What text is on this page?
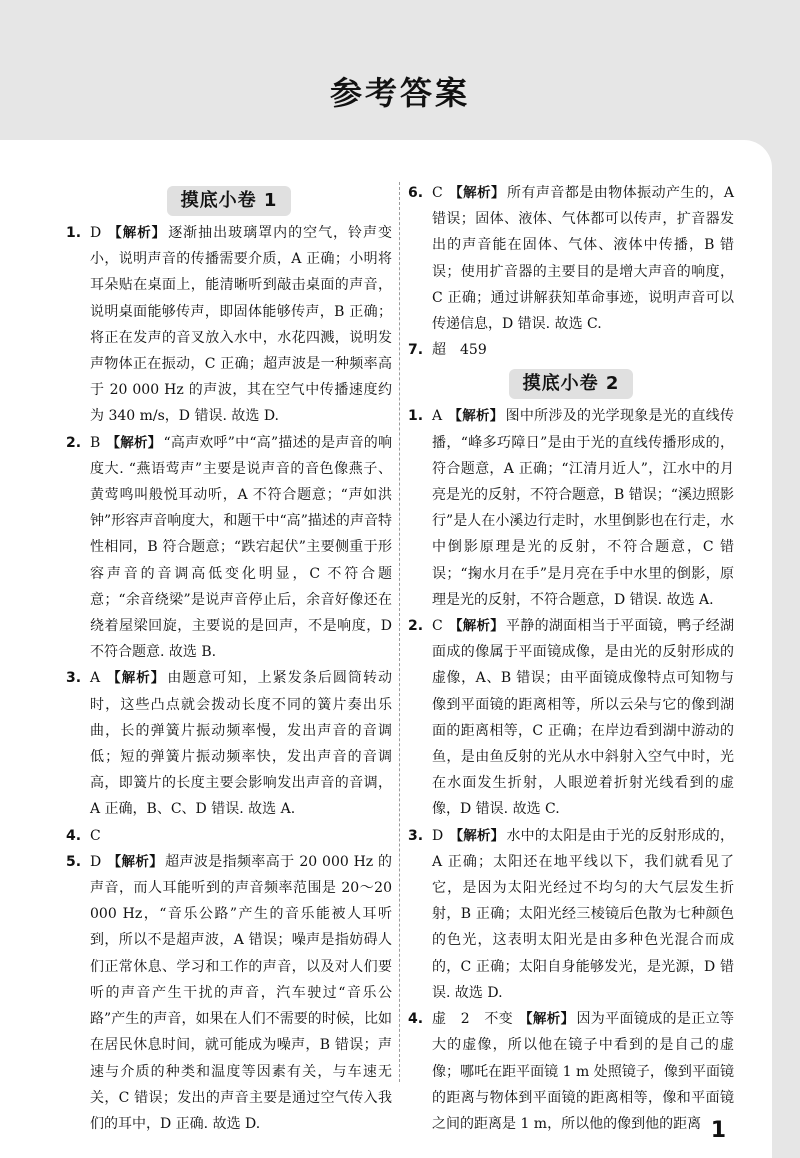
参考答案
摸底小卷 1

1. D 【解析】 逐渐抽出玻璃罩内的空气，铃声变小，说明声音的传播需要介质，A 正确；小明将耳朵贴在桌面上，能清晰听到敲击桌面的声音，说明桌面能够传声，即固体能够传声，B 正确；将正在发声的音叉放入水中，水花四溅，说明发声物体正在振动，C 正确；超声波是一种频率高于 20 000 Hz 的声波，其在空气中传播速度约为 340 m/s，D 错误. 故选 D.

2. B 【解析】 “高声欢呼”中“高”描述的是声音的响度大. “燕语莺声”主要是说声音的音色像燕子、黄莺鸣叫般悦耳动听，A 不符合题意；“声如洪钟”形容声音响度大，和题干中“高”描述的声音特性相同，B 符合题意；“跌宕起伏”主要侧重于形容声音的音调高低变化明显，C 不符合题意；“余音绕梁”是说声音停止后，余音好像还在绕着屋梁回旋，主要说的是回声，不是响度，D 不符合题意. 故选 B.

3. A 【解析】 由题意可知，上紧发条后圆筒转动时，这些凸点就会拨动长度不同的簧片奏出乐曲，长的弹簧片振动频率慢，发出声音的音调低；短的弹簧片振动频率快，发出声音的音调高，即簧片的长度主要会影响发出声音的音调，A 正确，B、C、D 错误. 故选 A.

4. C

5. D 【解析】 超声波是指频率高于 20 000 Hz 的声音，而人耳能听到的声音频率范围是 20～20 000 Hz，“音乐公路”产生的音乐能被人耳听到，所以不是超声波，A 错误；噪声是指妨碍人们正常休息、学习和工作的声音，以及对人们要听的声音产生干扰的声音，汽车驶过“音乐公路”产生的声音，如果在人们不需要的时候，比如在居民休息时间，就可能成为噪声，B 错误；声速与介质的种类和温度等因素有关，与车速无关，C 错误；发出的声音主要是通过空气传入我们的耳中，D 正确. 故选 D.

6. C 【解析】 所有声音都是由物体振动产生的，A 错误；固体、液体、气体都可以传声，扩音器发出的声音能在固体、气体、液体中传播，B 错误；使用扩音器的主要目的是增大声音的响度，C 正确；通过讲解获知革命事迹，说明声音可以传递信息，D 错误. 故选 C.

7. 超　459

摸底小卷 2

1. A 【解析】 图中所涉及的光学现象是光的直线传播，“峰多巧障日”是由于光的直线传播形成的，符合题意，A 正确；“江清月近人”，江水中的月亮是光的反射，不符合题意，B 错误；“溪边照影行”是人在小溪边行走时，水里倒影也在行走，水中倒影原理是光的反射，不符合题意，C 错误；“掬水月在手”是月亮在手中水里的倒影，原理是光的反射，不符合题意，D 错误. 故选 A.

2. C 【解析】 平静的湖面相当于平面镜，鸭子经湖面成的像属于平面镜成像，是由光的反射形成的虚像，A、B 错误；由平面镜成像特点可知物与像到平面镜的距离相等，所以云朵与它的像到湖面的距离相等，C 正确；在岸边看到湖中游动的鱼，是由鱼反射的光从水中斜射入空气中时，光在水面发生折射，人眼逆着折射光线看到的虚像，D 错误. 故选 C.

3. D 【解析】 水中的太阳是由于光的反射形成的，A 正确；太阳还在地平线以下，我们就看见了它，是因为太阳光经过不均匀的大气层发生折射，B 正确；太阳光经三棱镜后色散为七种颜色的色光，这表明太阳光是由多种色光混合而成的，C 正确；太阳自身能够发光，是光源，D 错误. 故选 D.

4. 虚　2　不变 【解析】 因为平面镜成的是正立等大的虚像，所以他在镜子中看到的是自己的虚像；哪吒在距平面镜 1 m 处照镜子，像到平面镜的距离与物体到平面镜的距离相等，像和平面镜之间的距离是 1 m，所以他的像到他的距离 1
